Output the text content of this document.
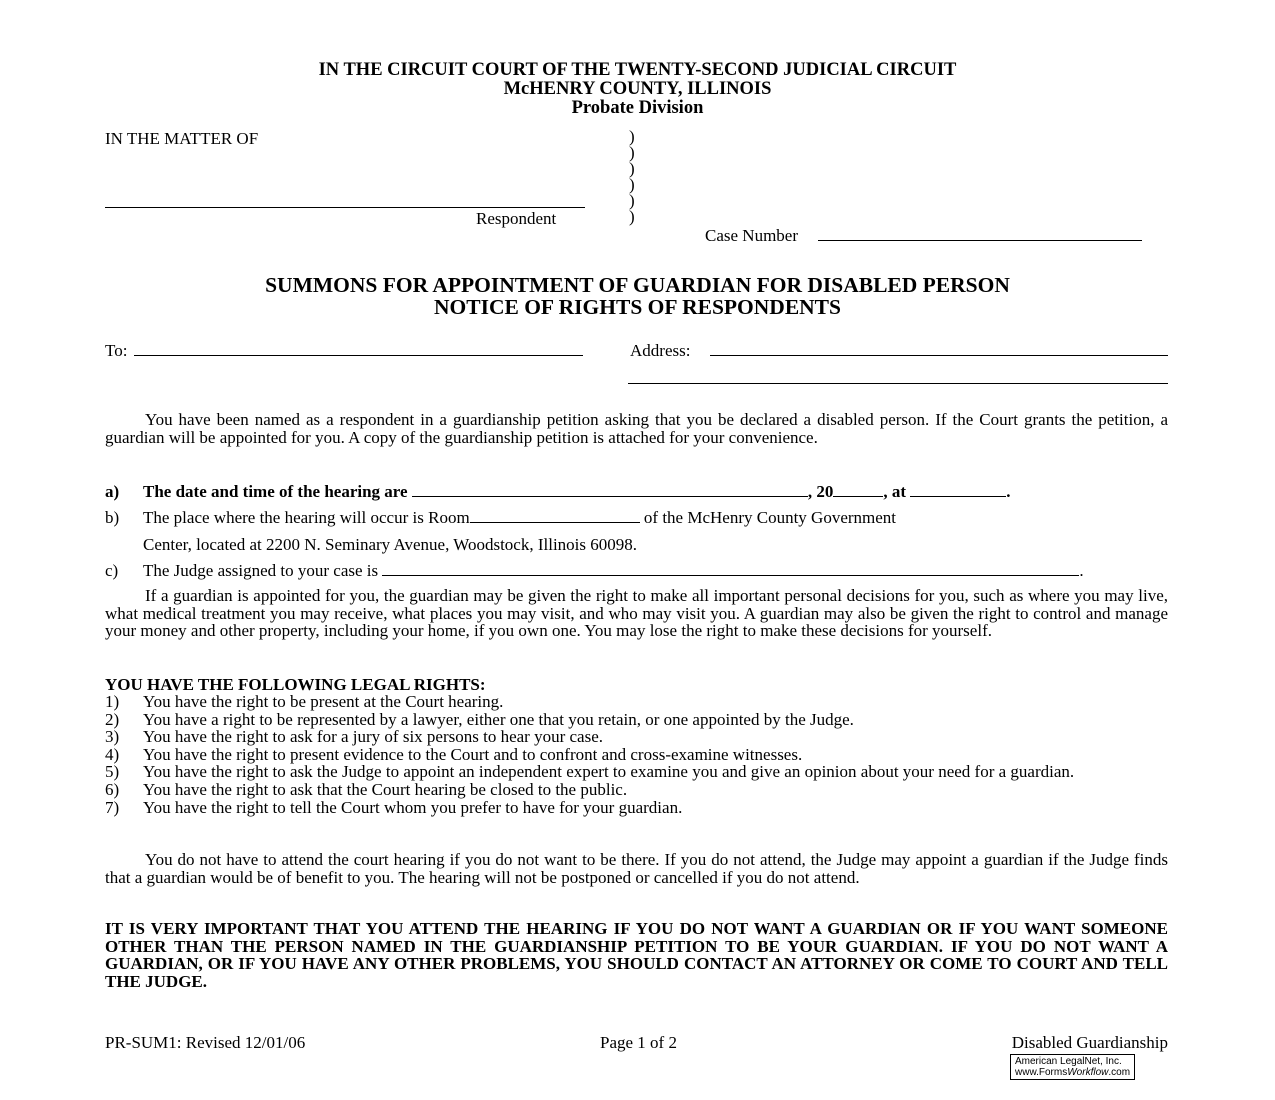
IN THE CIRCUIT COURT OF THE TWENTY-SECOND JUDICIAL CIRCUIT
McHENRY COUNTY, ILLINOIS
Probate Division
IN THE MATTER OF
Respondent
)
)
)
)
)
)
Case Number
SUMMONS FOR APPOINTMENT OF GUARDIAN FOR DISABLED PERSON
NOTICE OF RIGHTS OF RESPONDENTS
To:	Address:

You have been named as a respondent in a guardianship petition asking that you be declared a disabled person. If the Court grants the petition, a guardian will be appointed for you. A copy of the guardianship petition is attached for your convenience.

a) The date and time of the hearing are	, 20	, at	.
b) The place where the hearing will occur is Room	of the McHenry County Government
Center, located at 2200 N. Seminary Avenue, Woodstock, Illinois 60098.
c) The Judge assigned to your case is	.

If a guardian is appointed for you, the guardian may be given the right to make all important personal decisions for you, such as where you may live, what medical treatment you may receive, what places you may visit, and who may visit you. A guardian may also be given the right to control and manage your money and other property, including your home, if you own one. You may lose the right to make these decisions for yourself.

YOU HAVE THE FOLLOWING LEGAL RIGHTS:
1) You have the right to be present at the Court hearing.
2) You have a right to be represented by a lawyer, either one that you retain, or one appointed by the Judge.
3) You have the right to ask for a jury of six persons to hear your case.
4) You have the right to present evidence to the Court and to confront and cross-examine witnesses.
5) You have the right to ask the Judge to appoint an independent expert to examine you and give an opinion about your need for a guardian.
6) You have the right to ask that the Court hearing be closed to the public.
7) You have the right to tell the Court whom you prefer to have for your guardian.

You do not have to attend the court hearing if you do not want to be there. If you do not attend, the Judge may appoint a guardian if the Judge finds that a guardian would be of benefit to you. The hearing will not be postponed or cancelled if you do not attend.

IT IS VERY IMPORTANT THAT YOU ATTEND THE HEARING IF YOU DO NOT WANT A GUARDIAN OR IF YOU WANT SOMEONE OTHER THAN THE PERSON NAMED IN THE GUARDIANSHIP PETITION TO BE YOUR GUARDIAN. IF YOU DO NOT WANT A GUARDIAN, OR IF YOU HAVE ANY OTHER PROBLEMS, YOU SHOULD CONTACT AN ATTORNEY OR COME TO COURT AND TELL THE JUDGE.
PR-SUM1: Revised 12/01/06	Page 1 of 2	Disabled Guardianship
American LegalNet, Inc.
www.FormsWorkflow.com
